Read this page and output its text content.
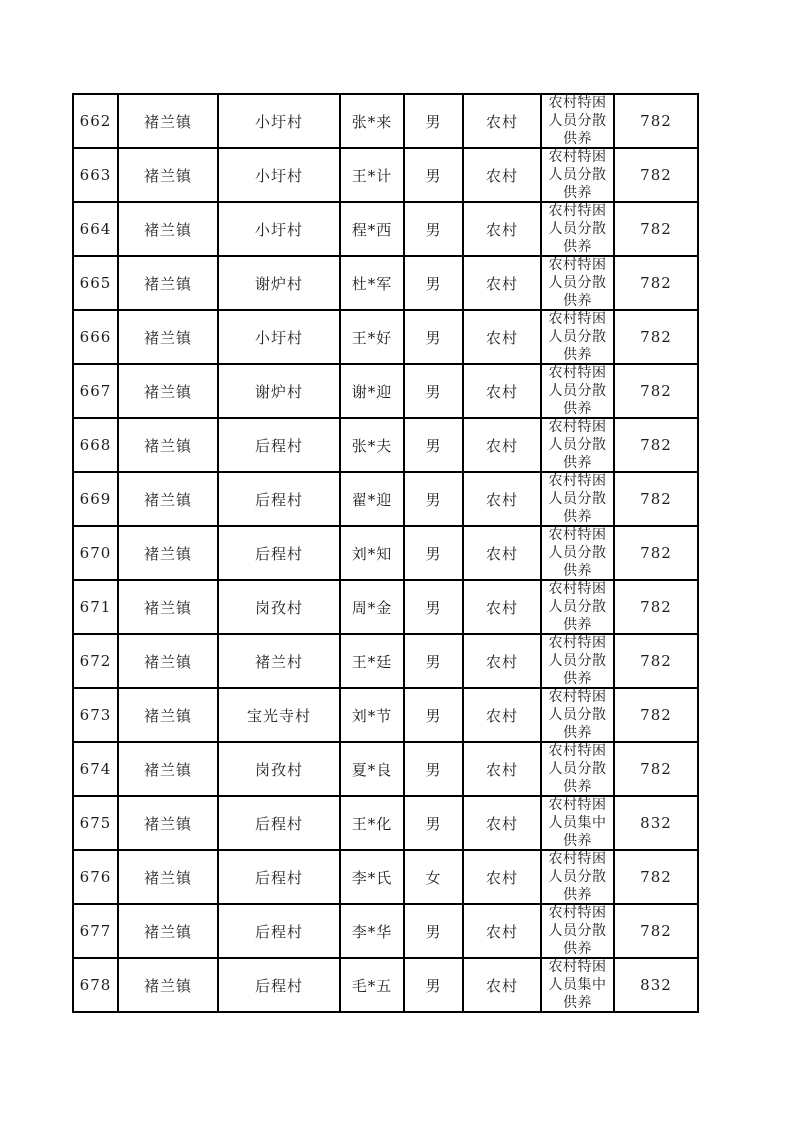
662	褚兰镇	小圩村	张*来	男	农村	农村特困人员分散供养	782
663	褚兰镇	小圩村	王*计	男	农村	农村特困人员分散供养	782
664	褚兰镇	小圩村	程*西	男	农村	农村特困人员分散供养	782
665	褚兰镇	谢炉村	杜*军	男	农村	农村特困人员分散供养	782
666	褚兰镇	小圩村	王*好	男	农村	农村特困人员分散供养	782
667	褚兰镇	谢炉村	谢*迎	男	农村	农村特困人员分散供养	782
668	褚兰镇	后程村	张*夫	男	农村	农村特困人员分散供养	782
669	褚兰镇	后程村	翟*迎	男	农村	农村特困人员分散供养	782
670	褚兰镇	后程村	刘*知	男	农村	农村特困人员分散供养	782
671	褚兰镇	岗孜村	周*金	男	农村	农村特困人员分散供养	782
672	褚兰镇	褚兰村	王*廷	男	农村	农村特困人员分散供养	782
673	褚兰镇	宝光寺村	刘*节	男	农村	农村特困人员分散供养	782
674	褚兰镇	岗孜村	夏*良	男	农村	农村特困人员分散供养	782
675	褚兰镇	后程村	王*化	男	农村	农村特困人员集中供养	832
676	褚兰镇	后程村	李*氏	女	农村	农村特困人员分散供养	782
677	褚兰镇	后程村	李*华	男	农村	农村特困人员分散供养	782
678	褚兰镇	后程村	毛*五	男	农村	农村特困人员集中供养	832
